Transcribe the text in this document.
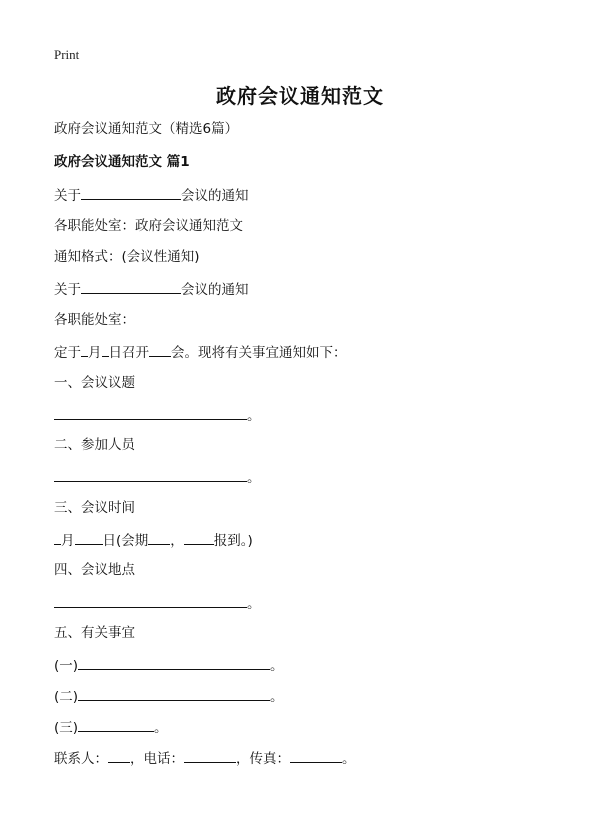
Print
政府会议通知范文
政府会议通知范文（精选6篇）
政府会议通知范文 篇1
关于	会议的通知
各职能处室：政府会议通知范文
通知格式：(会议性通知)
关于	会议的通知
各职能处室：
定于 月 日召开 会。现将有关事宜通知如下：
一、会议议题
。
二、参加人员
。
三、会议时间
月 日(会期 ， 报到。)
四、会议地点
。
五、有关事宜
(一)	。
(二)	。
(三)	。
联系人： ，电话：	，传真：	。
